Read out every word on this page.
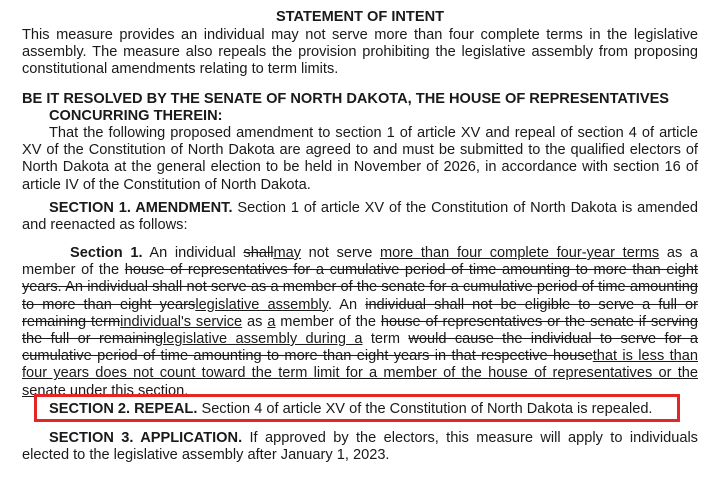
STATEMENT OF INTENT
This measure provides an individual may not serve more than four complete terms in the legislative assembly. The measure also repeals the provision prohibiting the legislative assembly from proposing constitutional amendments relating to term limits.
BE IT RESOLVED BY THE SENATE OF NORTH DAKOTA, THE HOUSE OF REPRESENTATIVES
CONCURRING THEREIN:
That the following proposed amendment to section 1 of article XV and repeal of section 4 of article XV of the Constitution of North Dakota are agreed to and must be submitted to the qualified electors of North Dakota at the general election to be held in November of 2026, in accordance with section 16 of article IV of the Constitution of North Dakota.
SECTION 1. AMENDMENT. Section 1 of article XV of the Constitution of North Dakota is amended and reenacted as follows:
Section 1. An individual shallmay not serve more than four complete four-year terms as a member of the house of representatives for a cumulative period of time amounting to more than eight years. An individual shall not serve as a member of the senate for a cumulative period of time amounting to more than eight yearslegislative assembly. An individual shall not be eligible to serve a full or remaining termindividual's service as a member of the house of representatives or the senate if serving the full or remaininglegislative assembly during a term would cause the individual to serve for a cumulative period of time amounting to more than eight years in that respective housethat is less than four years does not count toward the term limit for a member of the house of representatives or the senate under this section.
SECTION 2. REPEAL. Section 4 of article XV of the Constitution of North Dakota is repealed.
SECTION 3. APPLICATION. If approved by the electors, this measure will apply to individuals elected to the legislative assembly after January 1, 2023.
